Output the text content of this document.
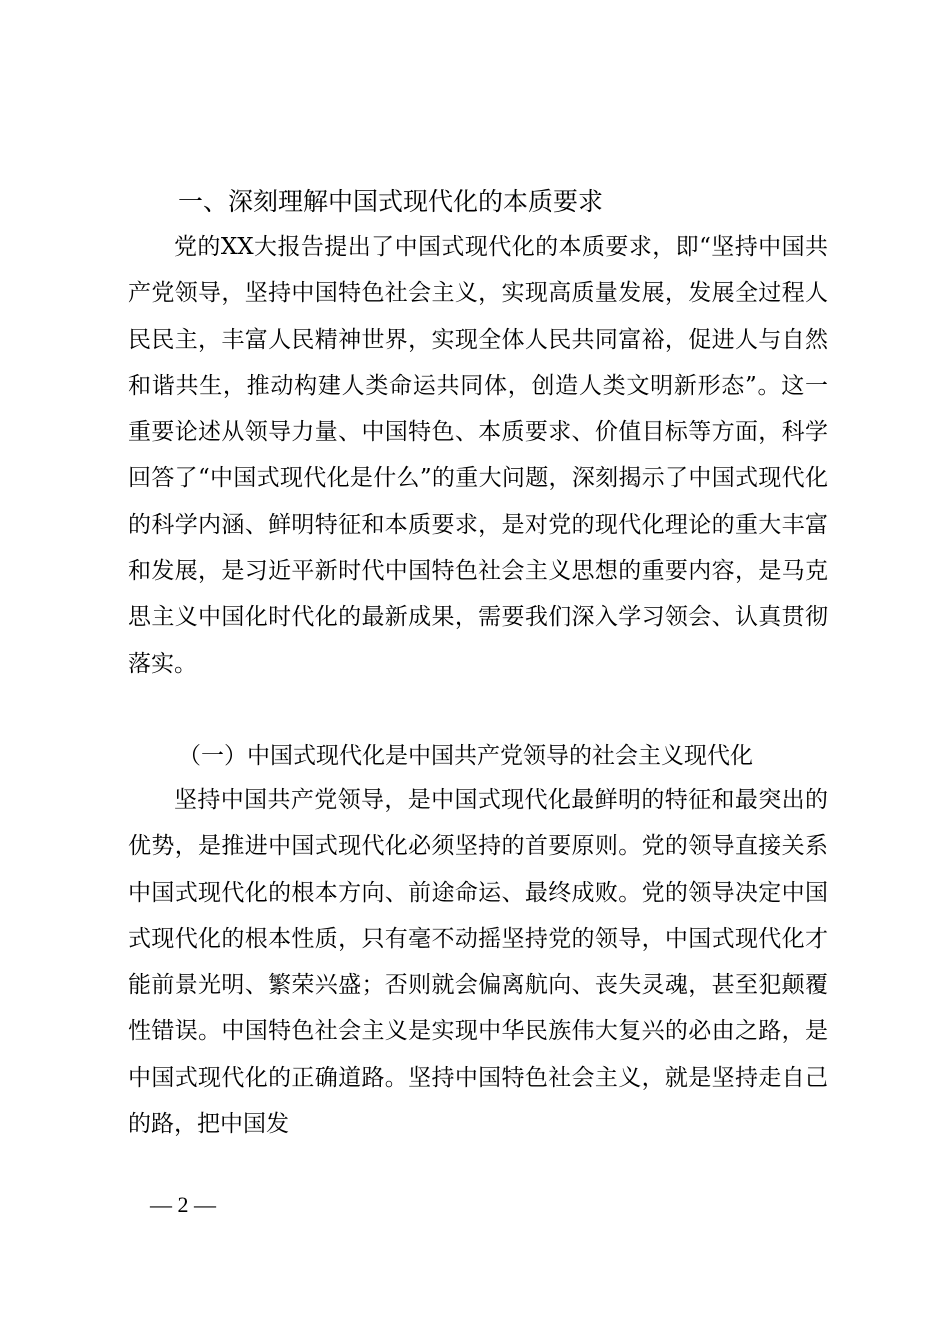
一、深刻理解中国式现代化的本质要求

党的XX大报告提出了中国式现代化的本质要求，即“坚持中国共产党领导，坚持中国特色社会主义，实现高质量发展，发展全过程人民民主，丰富人民精神世界，实现全体人民共同富裕，促进人与自然和谐共生，推动构建人类命运共同体，创造人类文明新形态”。这一重要论述从领导力量、中国特色、本质要求、价值目标等方面，科学回答了“中国式现代化是什么”的重大问题，深刻揭示了中国式现代化的科学内涵、鲜明特征和本质要求，是对党的现代化理论的重大丰富和发展，是习近平新时代中国特色社会主义思想的重要内容，是马克思主义中国化时代化的最新成果，需要我们深入学习领会、认真贯彻落实。

（一）中国式现代化是中国共产党领导的社会主义现代化

坚持中国共产党领导，是中国式现代化最鲜明的特征和最突出的优势，是推进中国式现代化必须坚持的首要原则。党的领导直接关系中国式现代化的根本方向、前途命运、最终成败。党的领导决定中国式现代化的根本性质，只有毫不动摇坚持党的领导，中国式现代化才能前景光明、繁荣兴盛；否则就会偏离航向、丧失灵魂，甚至犯颠覆性错误。中国特色社会主义是实现中华民族伟大复兴的必由之路，是中国式现代化的正确道路。坚持中国特色社会主义，就是坚持走自己的路，把中国发

— 2 —
